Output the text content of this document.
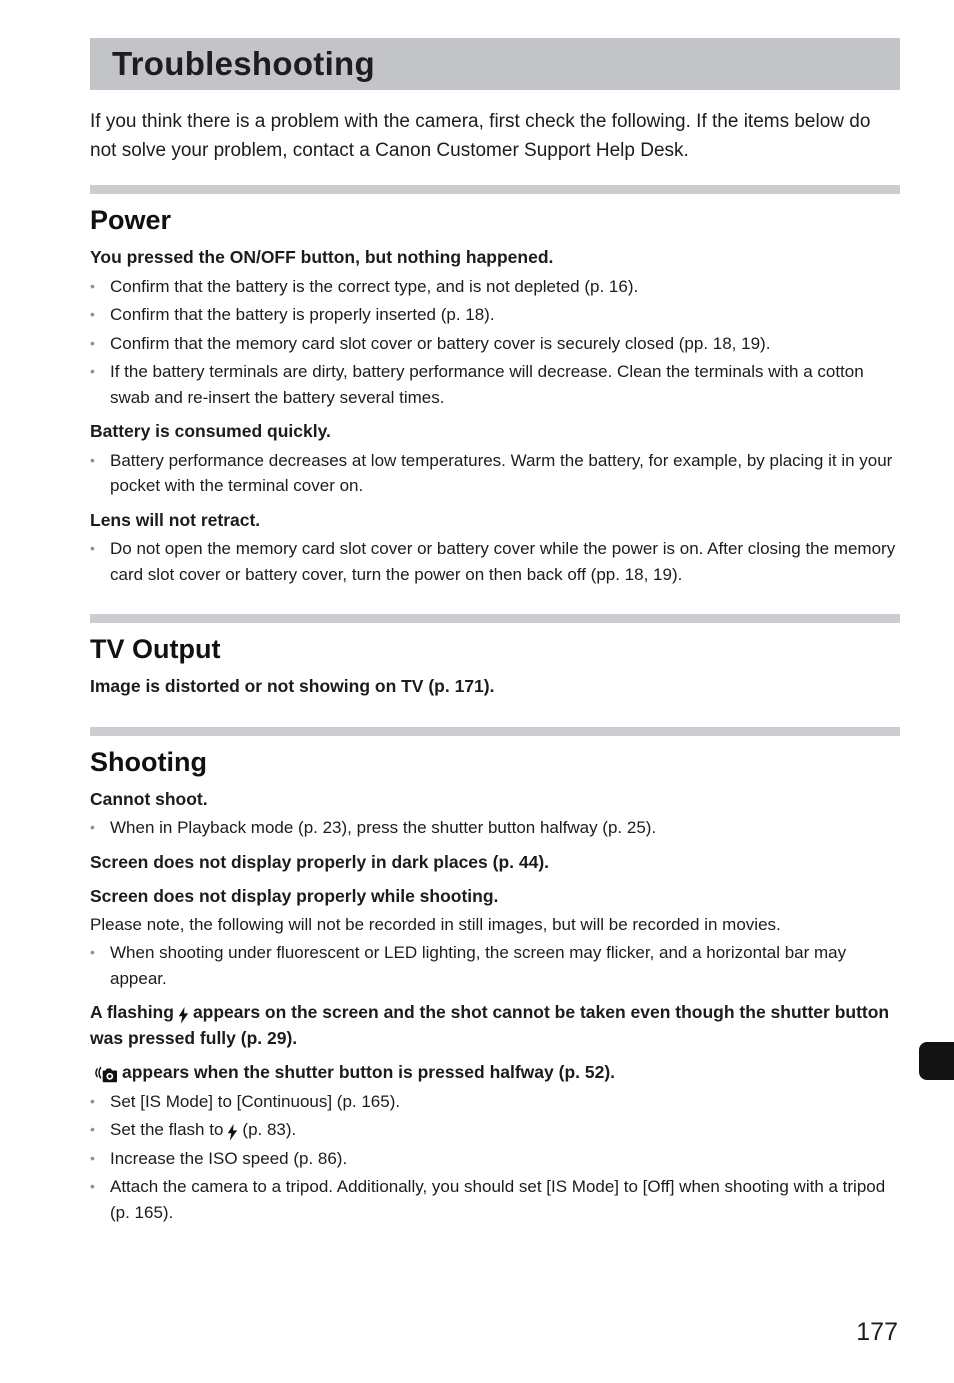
Troubleshooting

If you think there is a problem with the camera, first check the following. If the items below do not solve your problem, contact a Canon Customer Support Help Desk.

Power
You pressed the ON/OFF button, but nothing happened.
• Confirm that the battery is the correct type, and is not depleted (p. 16).
• Confirm that the battery is properly inserted (p. 18).
• Confirm that the memory card slot cover or battery cover is securely closed (pp. 18, 19).
• If the battery terminals are dirty, battery performance will decrease. Clean the terminals with a cotton swab and re-insert the battery several times.
Battery is consumed quickly.
• Battery performance decreases at low temperatures. Warm the battery, for example, by placing it in your pocket with the terminal cover on.
Lens will not retract.
• Do not open the memory card slot cover or battery cover while the power is on. After closing the memory card slot cover or battery cover, turn the power on then back off (pp. 18, 19).
TV Output
Image is distorted or not showing on TV (p. 171).
Shooting
Cannot shoot.
• When in Playback mode (p. 23), press the shutter button halfway (p. 25).
Screen does not display properly in dark places (p. 44).
Screen does not display properly while shooting.
Please note, the following will not be recorded in still images, but will be recorded in movies.
• When shooting under fluorescent or LED lighting, the screen may flicker, and a horizontal bar may appear.
A flashing appears on the screen and the shot cannot be taken even though the shutter button was pressed fully (p. 29).
appears when the shutter button is pressed halfway (p. 52).
• Set [IS Mode] to [Continuous] (p. 165).
• Set the flash to (p. 83).
• Increase the ISO speed (p. 86).
• Attach the camera to a tripod. Additionally, you should set [IS Mode] to [Off] when shooting with a tripod (p. 165).
177
